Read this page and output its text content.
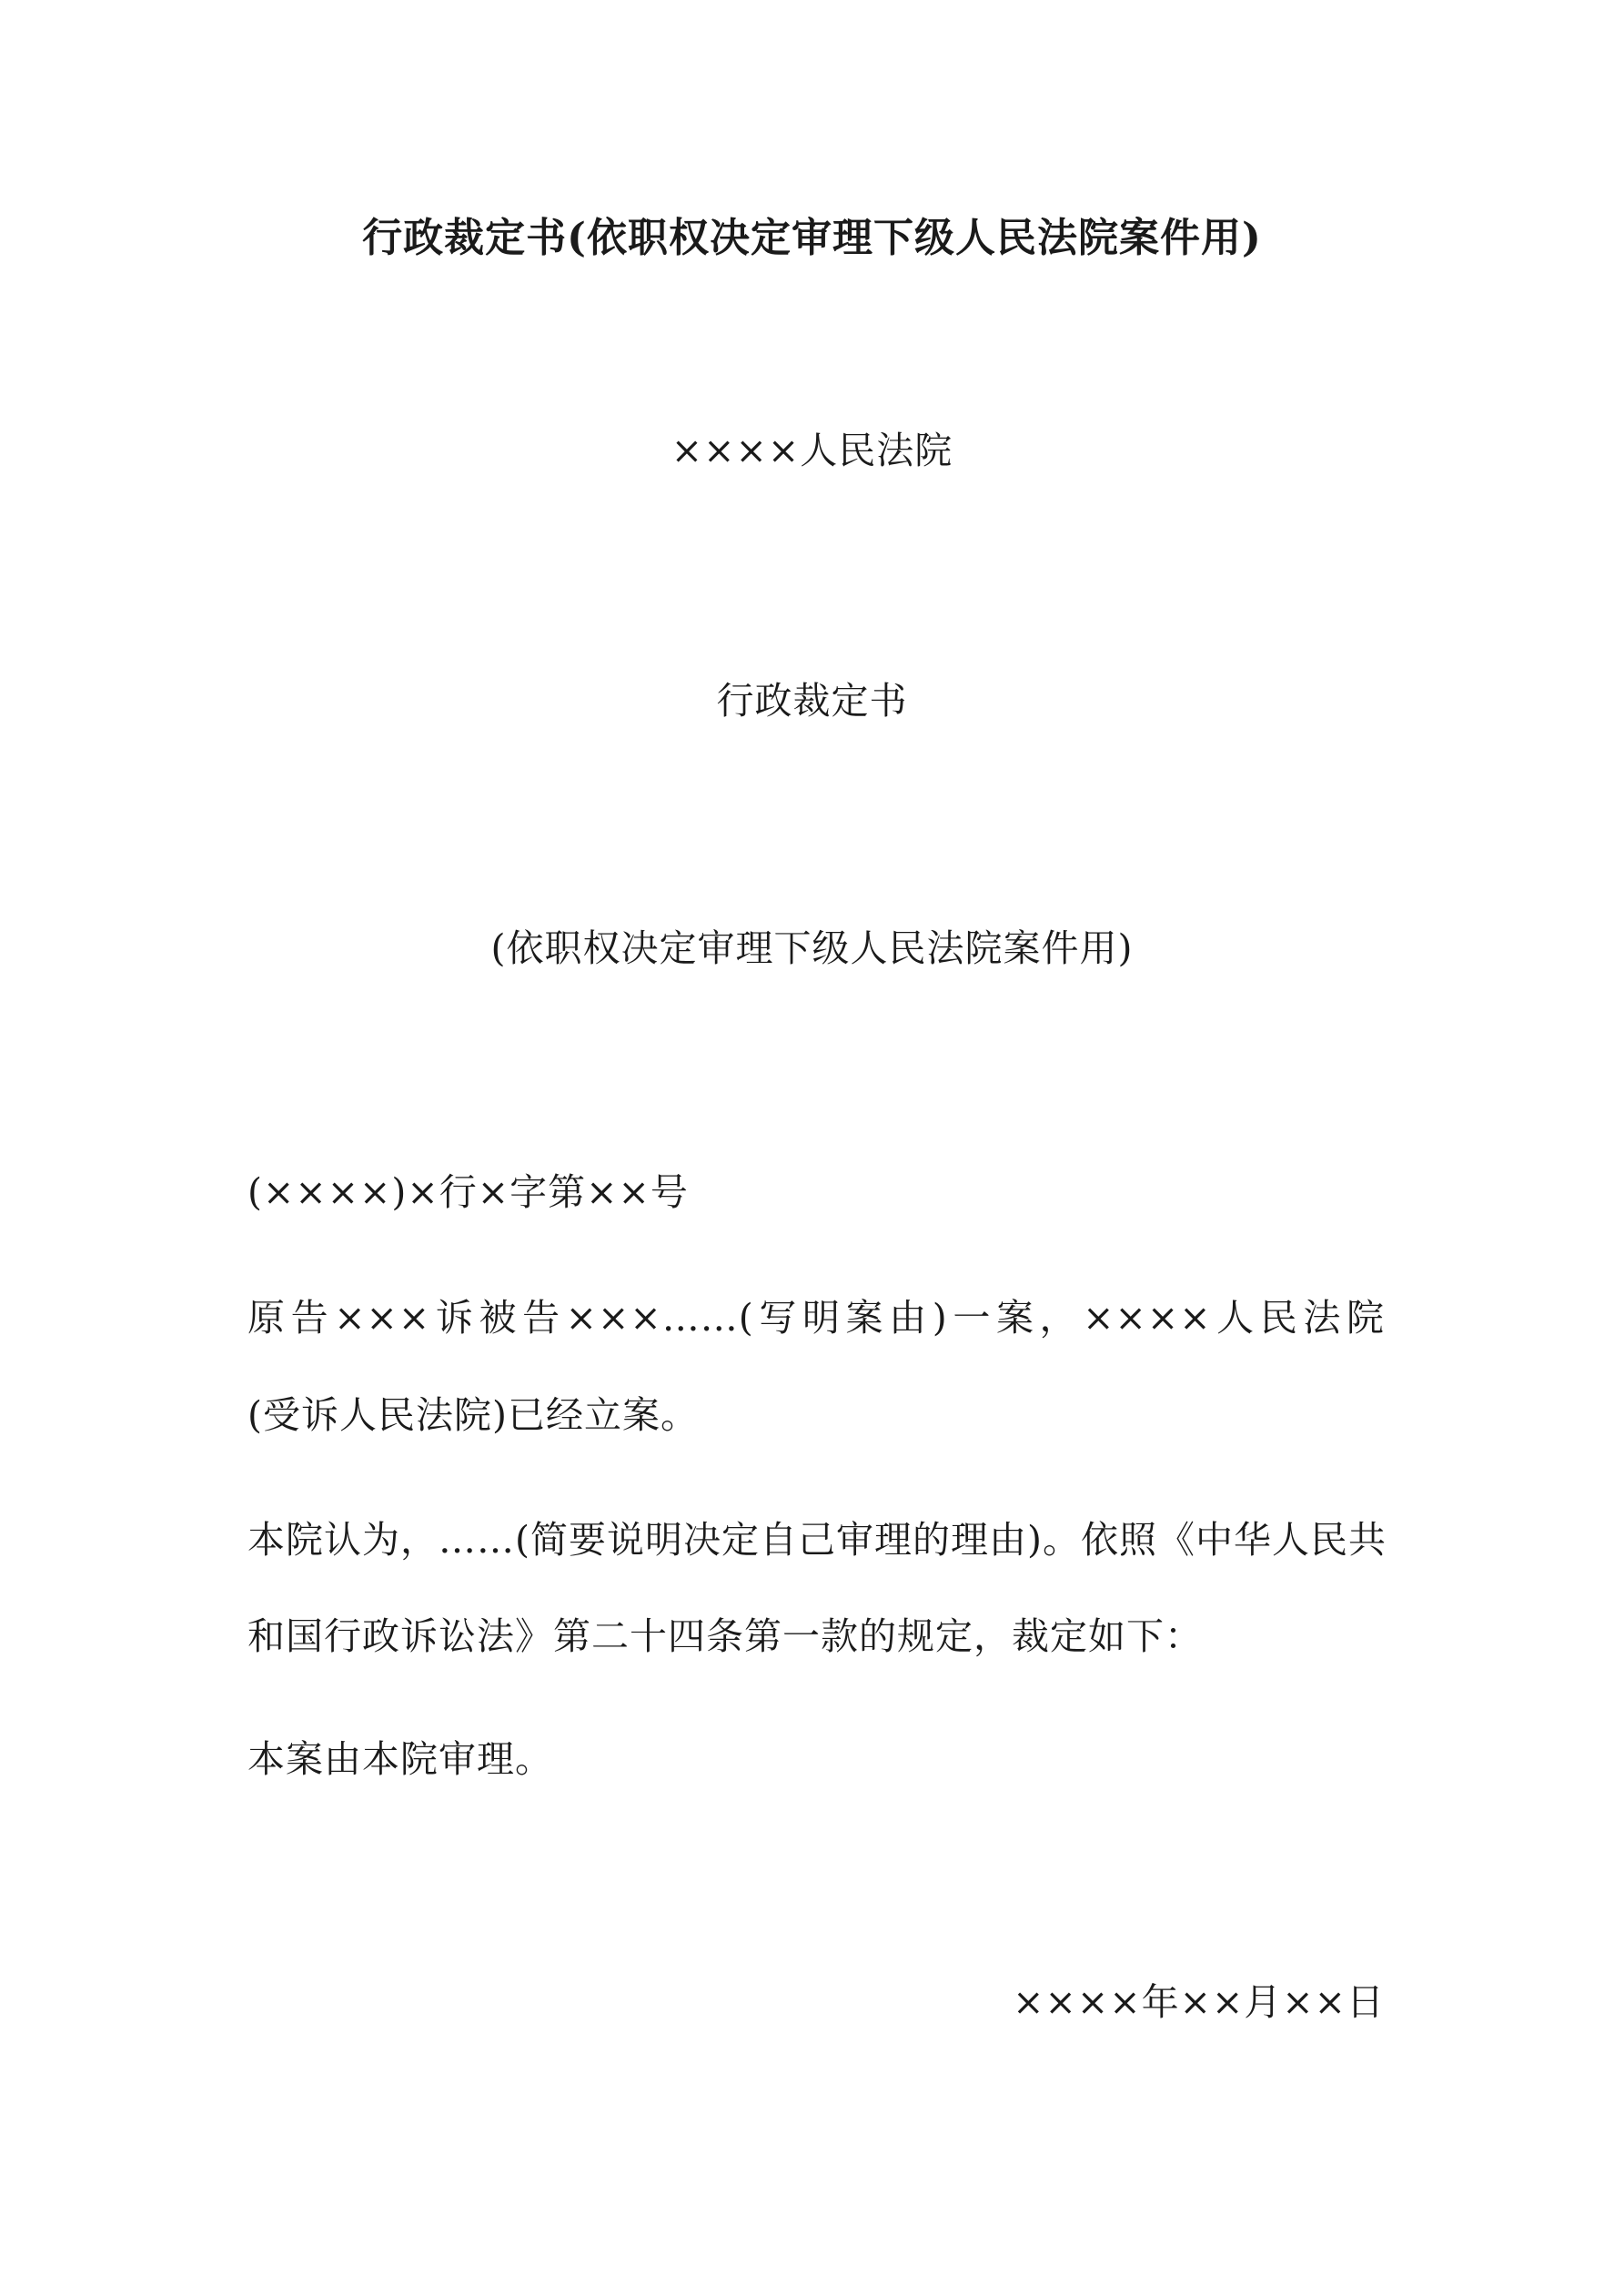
行政裁定书(依职权决定审理下级人民法院案件用)
××××人民法院
行政裁定书
(依职权决定审理下级人民法院案件用)
(××××)×行×字第××号
原告×××诉被告×××……(写明案由)一案，××××人民法院
(受诉人民法院)已经立案。
本院认为，……(简要说明决定自己审理的理由)。依照《中华人民共
和国行政诉讼法》第二十四条第一款的规定，裁定如下：
本案由本院审理。
××××年××月××日
